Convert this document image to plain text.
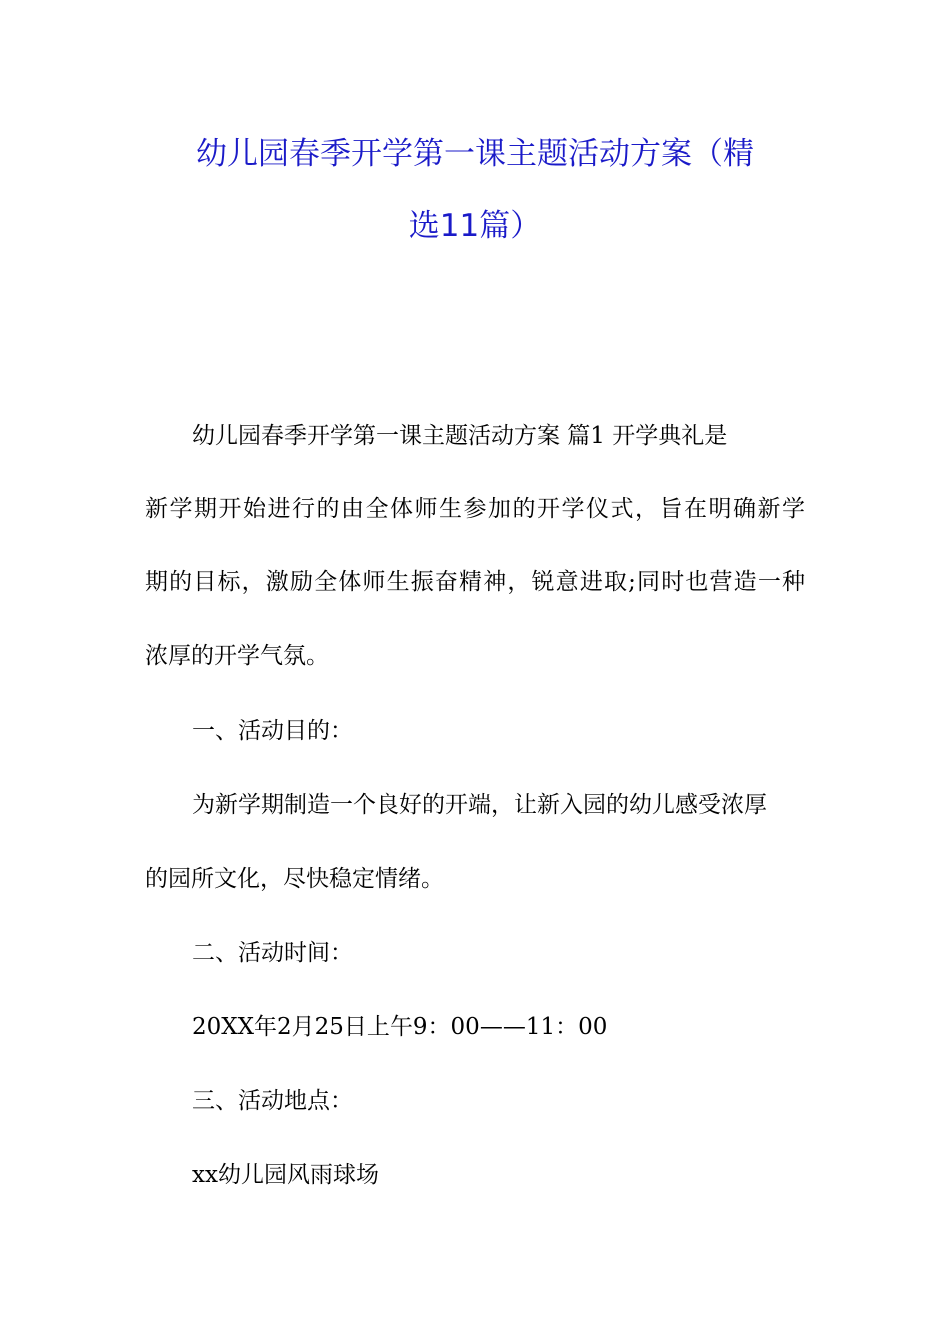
幼儿园春季开学第一课主题活动方案（精
选11篇）
幼儿园春季开学第一课主题活动方案 篇1 开学典礼是
新学期开始进行的由全体师生参加的开学仪式，旨在明确新学
期的目标，激励全体师生振奋精神，锐意进取;同时也营造一种
浓厚的开学气氛。
一、活动目的：
为新学期制造一个良好的开端，让新入园的幼儿感受浓厚
的园所文化，尽快稳定情绪。
二、活动时间：
20XX年2月25日上午9：00——11：00
三、活动地点：
xx幼儿园风雨球场
